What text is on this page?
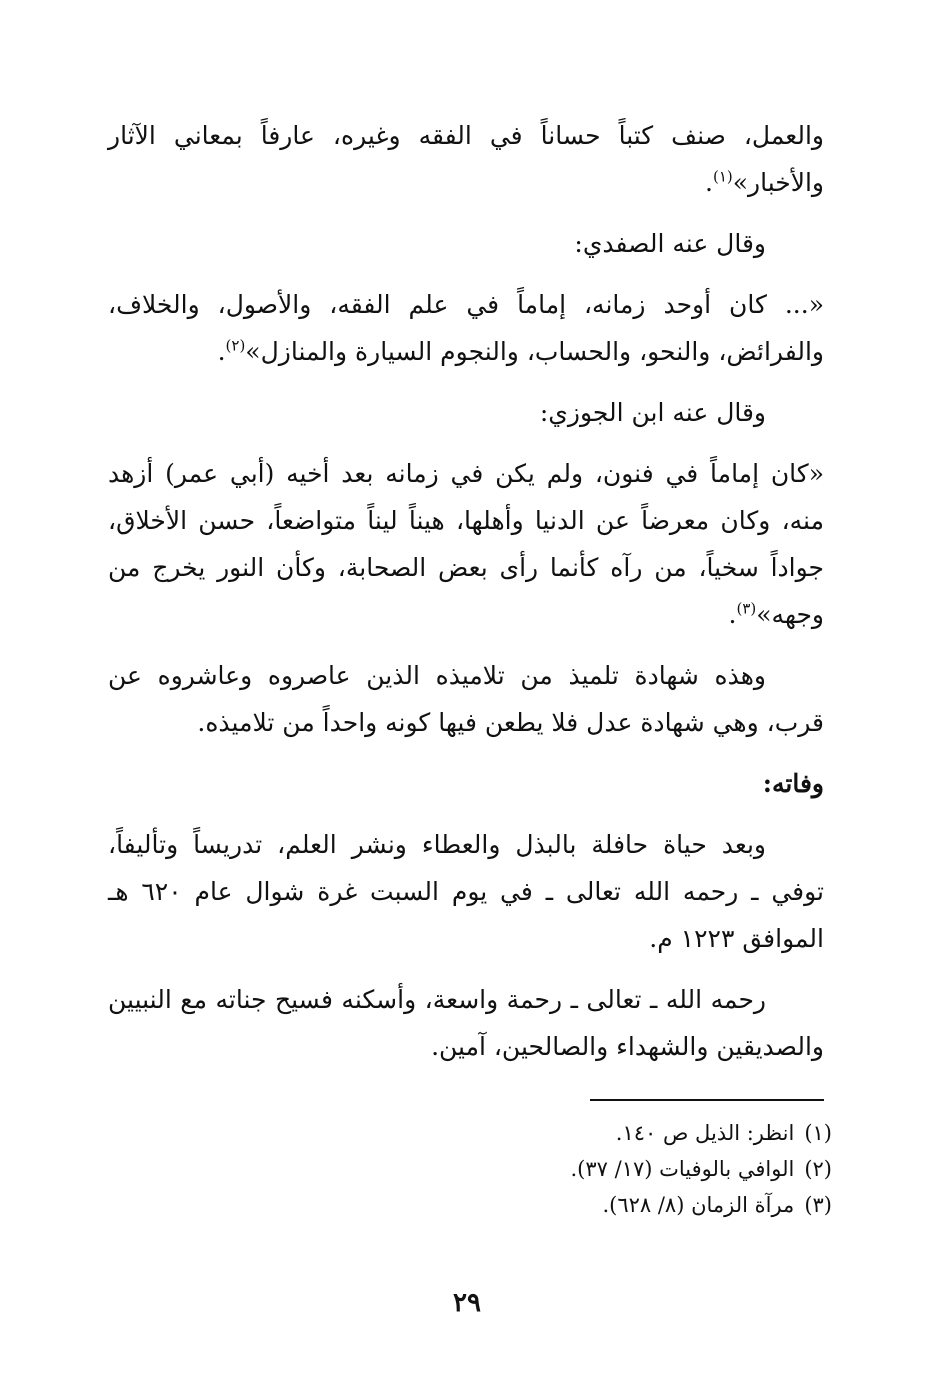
والعمل، صنف كتباً حساناً في الفقه وغيره، عارفاً بمعاني الآثار والأخبار»$^{(١)}$.

وقال عنه الصفدي:

«... كان أوحد زمانه، إماماً في علم الفقه، والأصول، والخلاف، والفرائض، والنحو، والحساب، والنجوم السيارة والمنازل»$^{(٢)}$.

وقال عنه ابن الجوزي:

«كان إماماً في فنون، ولم يكن في زمانه بعد أخيه (أبي عمر) أزهد منه، وكان معرضاً عن الدنيا وأهلها، هيناً ليناً متواضعاً، حسن الأخلاق، جواداً سخياً، من رآه كأنما رأى بعض الصحابة، وكأن النور يخرج من وجهه»$^{(٣)}$.

وهذه شهادة تلميذ من تلاميذه الذين عاصروه وعاشروه عن قرب، وهي شهادة عدل فلا يطعن فيها كونه واحداً من تلاميذه.

وفاته:

وبعد حياة حافلة بالبذل والعطاء ونشر العلم، تدريساً وتأليفاً، توفي ـ رحمه الله تعالى ـ في يوم السبت غرة شوال عام ٦٢٠ هـ الموافق ١٢٢٣ م.

رحمه الله ـ تعالى ـ رحمة واسعة، وأسكنه فسيح جناته مع النبيين والصديقين والشهداء والصالحين، آمين.

(١)انظر: الذيل ص ١٤٠.
(٢)الوافي بالوفيات (١٧/ ٣٧).
(٣)مرآة الزمان (٨/ ٦٢٨).
٢٩
